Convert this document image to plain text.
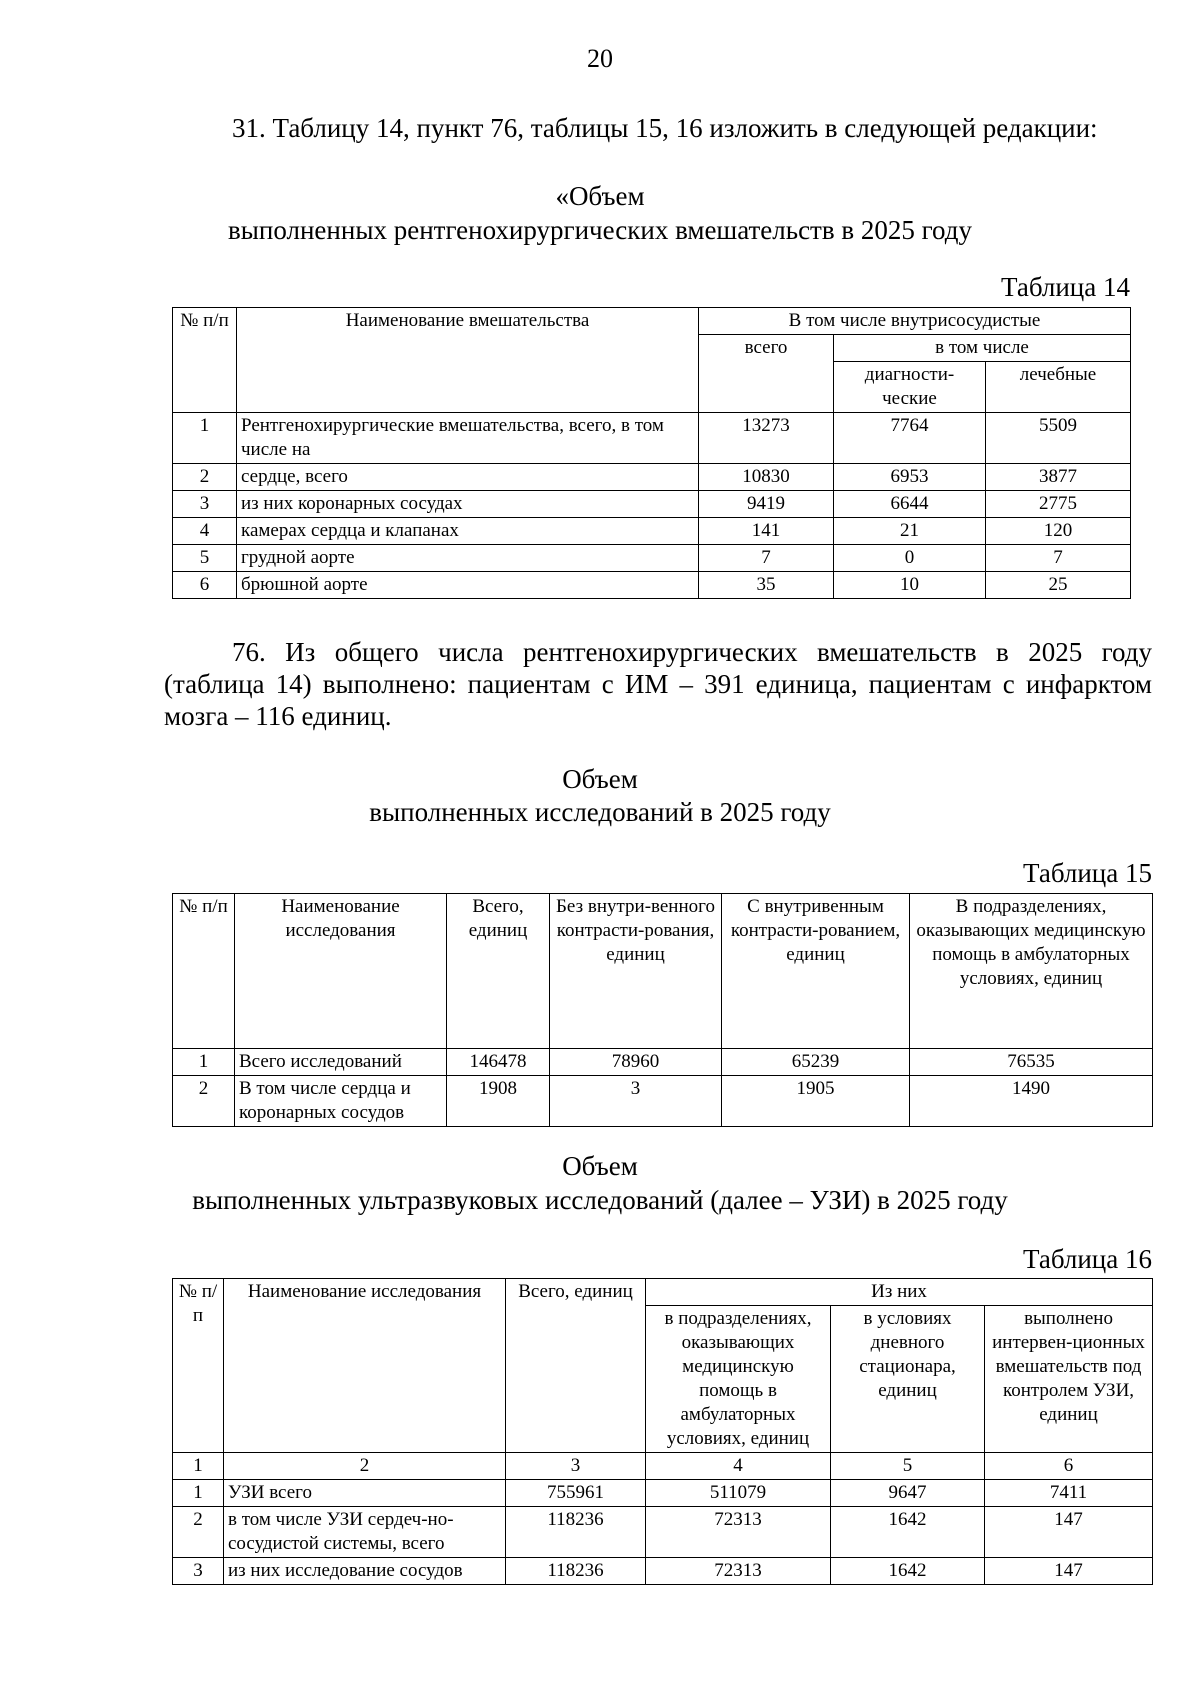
20
31. Таблицу 14, пункт 76, таблицы 15, 16 изложить в следующей редакции:
«Объем
выполненных рентгенохирургических вмешательств в 2025 году
Таблица 14
№ п/п	Наименование вмешательства	В том числе внутрисосудистые		
		всего	в том числе	
			диагности-ческие	лечебные
1	Рентгенохирургические вмешательства, всего, в том числе на	13273	7764	5509
2	сердце, всего	10830	6953	3877
3	из них коронарных сосудах	9419	6644	2775
4	камерах сердца и клапанах	141	21	120
5	грудной аорте	7	0	7
6	брюшной аорте	35	10	25
76. Из общего числа рентгенохирургических вмешательств в 2025 году (таблица 14) выполнено: пациентам с ИМ – 391 единица, пациентам с инфарктом мозга – 116 единиц.
Объем
выполненных исследований в 2025 году
Таблица 15
№ п/п	Наименование исследования	Всего, единиц	Без внутри-венного контрасти-рования, единиц	С внутривенным контрасти-рованием, единиц	В подразделениях, оказывающих медицинскую помощь в амбулаторных условиях, единиц
1	Всего исследований	146478	78960	65239	76535
2	В том числе сердца и коронарных сосудов	1908	3	1905	1490
Объем
выполненных ультразвуковых исследований (далее – УЗИ) в 2025 году
Таблица 16
№ п/п	Наименование исследования	Всего, единиц	Из них		
			в подразделениях, оказывающих медицинскую помощь в амбулаторных условиях, единиц	в условиях дневного стационара, единиц	выполнено интервен-ционных вмешательств под контролем УЗИ, единиц
1	2	3	4	5	6
1	УЗИ всего	755961	511079	9647	7411
2	в том числе УЗИ сердеч-но-сосудистой системы, всего	118236	72313	1642	147
3	из них исследование сосудов	118236	72313	1642	147
